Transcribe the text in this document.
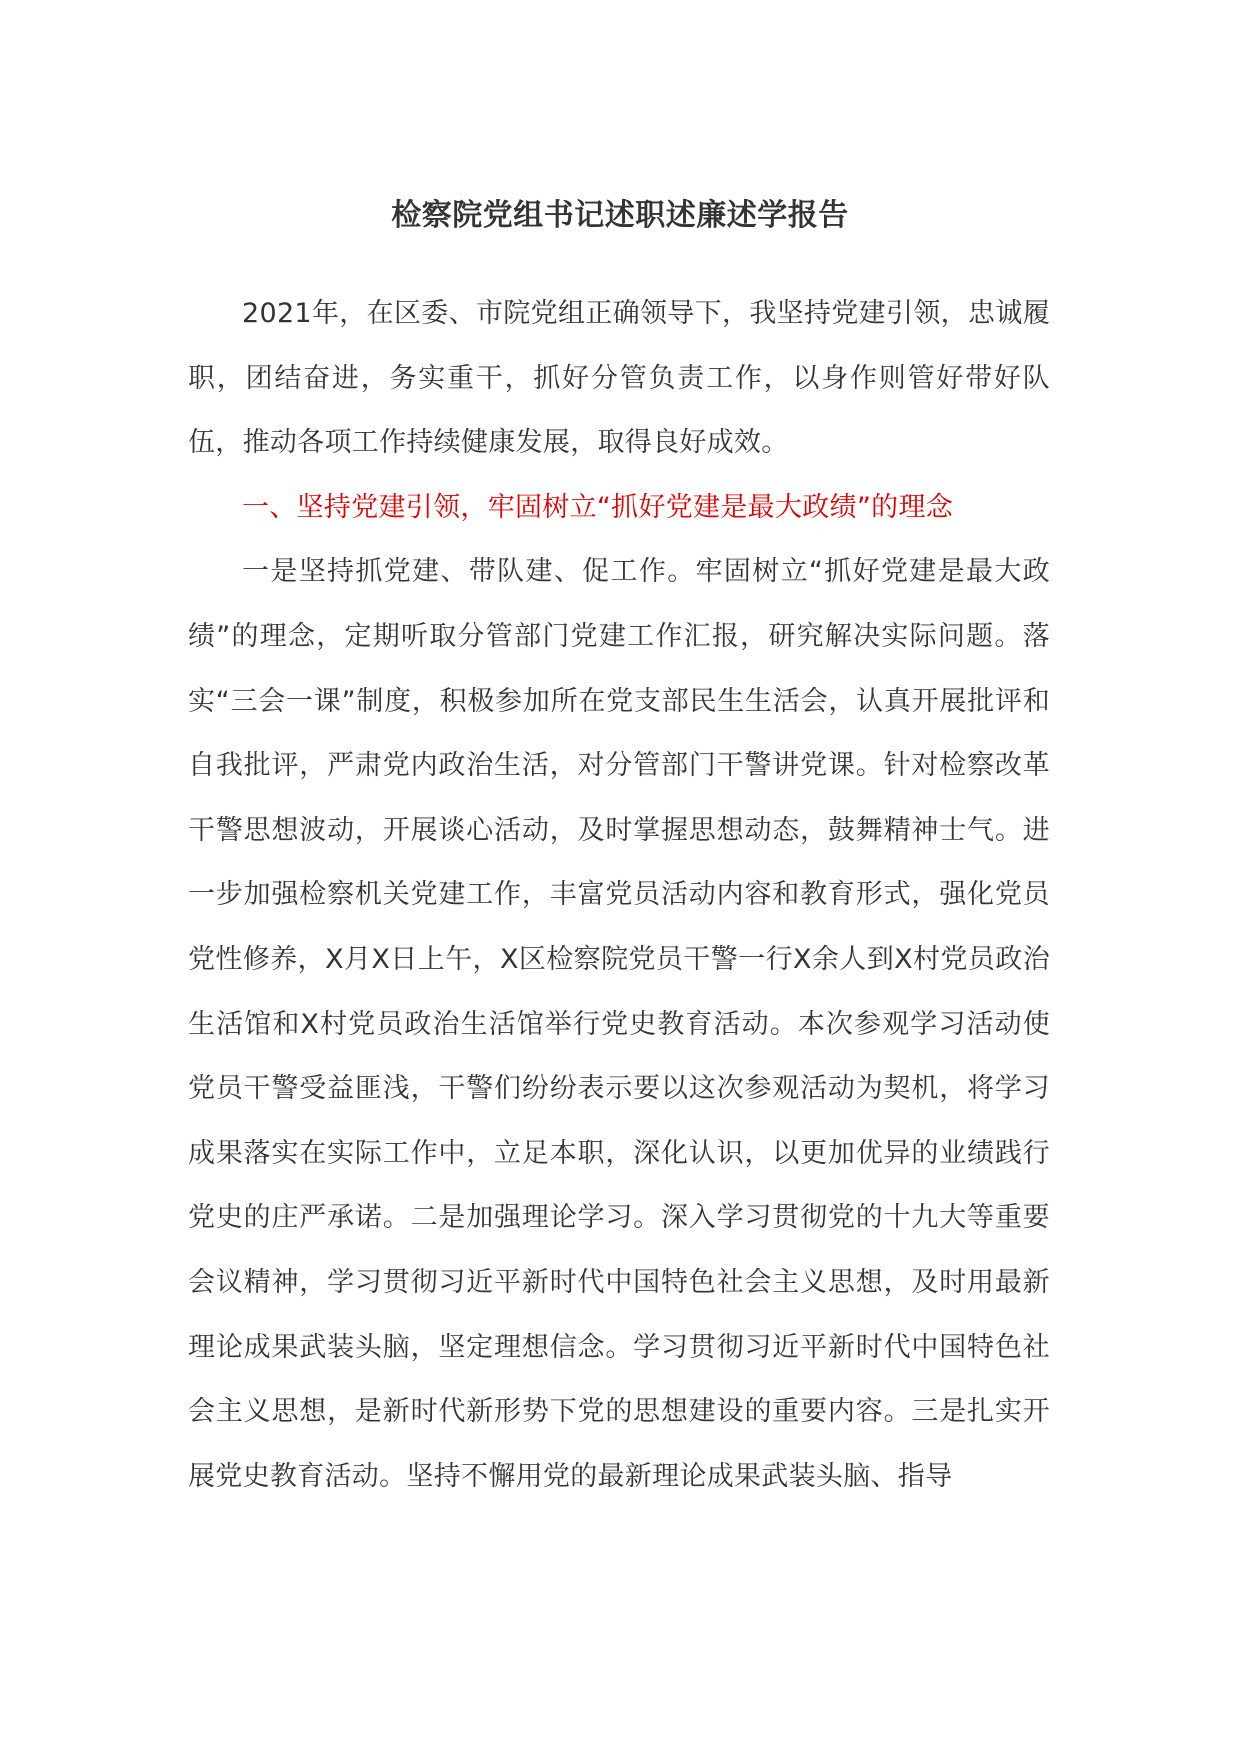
检察院党组书记述职述廉述学报告

2021年，在区委、市院党组正确领导下，我坚持党建引领，忠诚履职，团结奋进，务实重干，抓好分管负责工作，以身作则管好带好队伍，推动各项工作持续健康发展，取得良好成效。

一、坚持党建引领，牢固树立“抓好党建是最大政绩”的理念

一是坚持抓党建、带队建、促工作。牢固树立“抓好党建是最大政绩”的理念，定期听取分管部门党建工作汇报，研究解决实际问题。落实“三会一课”制度，积极参加所在党支部民生生活会，认真开展批评和自我批评，严肃党内政治生活，对分管部门干警讲党课。针对检察改革干警思想波动，开展谈心活动，及时掌握思想动态，鼓舞精神士气。进一步加强检察机关党建工作，丰富党员活动内容和教育形式，强化党员党性修养，X月X日上午，X区检察院党员干警一行X余人到X村党员政治生活馆和X村党员政治生活馆举行党史教育活动。本次参观学习活动使党员干警受益匪浅，干警们纷纷表示要以这次参观活动为契机，将学习成果落实在实际工作中，立足本职，深化认识，以更加优异的业绩践行党史的庄严承诺。二是加强理论学习。深入学习贯彻党的十九大等重要会议精神，学习贯彻习近平新时代中国特色社会主义思想，及时用最新理论成果武装头脑，坚定理想信念。学习贯彻习近平新时代中国特色社会主义思想，是新时代新形势下党的思想建设的重要内容。三是扎实开展党史教育活动。坚持不懈用党的最新理论成果武装头脑、指导
